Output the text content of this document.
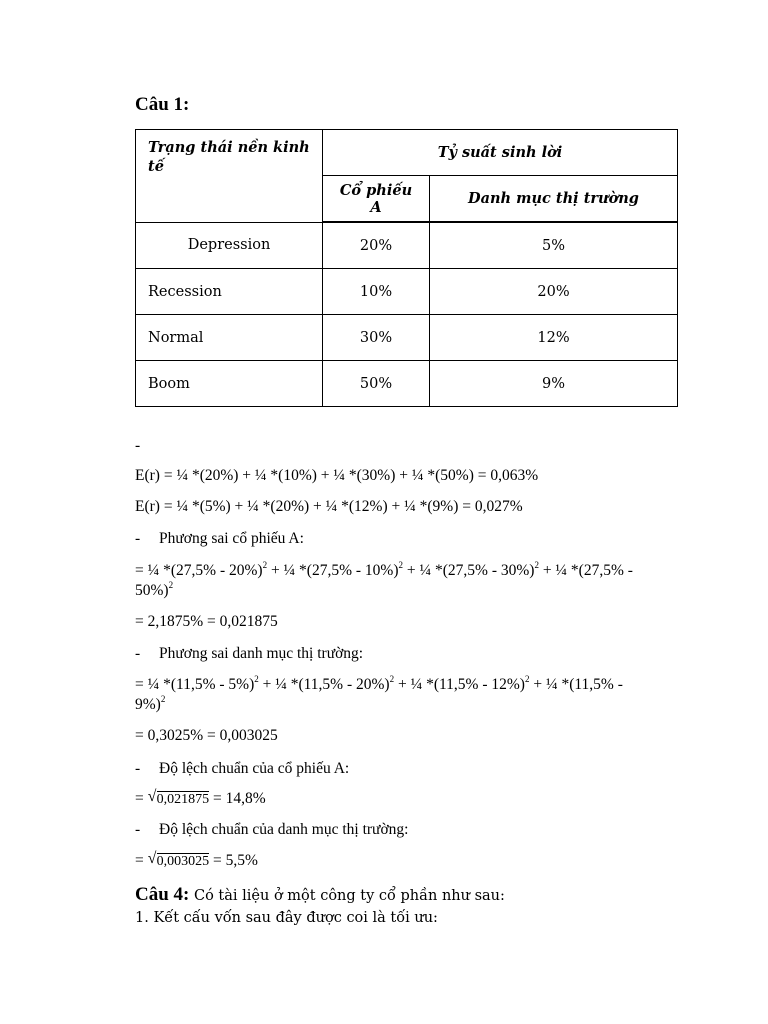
Câu 1:
Trạng thái nền kinh tế	Tỷ suất sinh lời	
	Cổ phiếu A	Danh mục thị trường
Depression	20%	5%
Recession	10%	20%
Normal	30%	12%
Boom	50%	9%
-
E(r) = ¼ *(20%) + ¼ *(10%) + ¼ *(30%) + ¼ *(50%) = 0,063%
E(r) = ¼ *(5%) + ¼ *(20%) + ¼ *(12%) + ¼ *(9%) = 0,027%
- Phương sai cổ phiếu A:
= ¼ *(27,5% - 20%)$^2$ + ¼ *(27,5% - 10%)$^2$ + ¼ *(27,5% - 30%)$^2$ + ¼ *(27,5% -
50%)$^2$
= 2,1875% = 0,021875
- Phương sai danh mục thị trường:
= ¼ *(11,5% - 5%)$^2$ + ¼ *(11,5% - 20%)$^2$ + ¼ *(11,5% - 12%)$^2$ + ¼ *(11,5% -
9%)$^2$
= 0,3025% = 0,003025
- Độ lệch chuẩn của cổ phiếu A:
= √ 0,021875 = 14,8%
- Độ lệch chuẩn của danh mục thị trường:
= √ 0,003025 = 5,5%
Câu 4: Có tài liệu ở một công ty cổ phần như sau:
1. Kết cấu vốn sau đây được coi là tối ưu:
